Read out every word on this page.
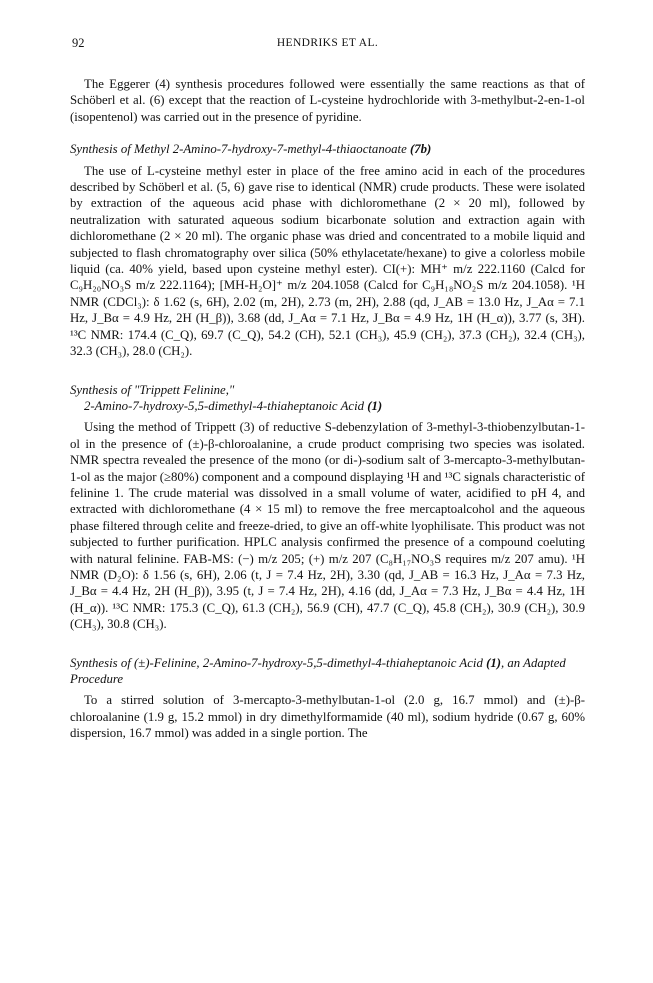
92	HENDRIKS ET AL.

The Eggerer (4) synthesis procedures followed were essentially the same reactions as that of Schöberl et al. (6) except that the reaction of L-cysteine hydrochloride with 3-methylbut-2-en-1-ol (isopentenol) was carried out in the presence of pyridine.

Synthesis of Methyl 2-Amino-7-hydroxy-7-methyl-4-thiaoctanoate (7b)

The use of L-cysteine methyl ester in place of the free amino acid in each of the procedures described by Schöberl et al. (5, 6) gave rise to identical (NMR) crude products. These were isolated by extraction of the aqueous acid phase with dichloromethane (2 × 20 ml), followed by neutralization with saturated aqueous sodium bicarbonate solution and extraction again with dichloromethane (2 × 20 ml). The organic phase was dried and concentrated to a mobile liquid and subjected to flash chromatography over silica (50% ethylacetate/hexane) to give a colorless mobile liquid (ca. 40% yield, based upon cysteine methyl ester). CI(+): MH⁺ m/z 222.1160 (Calcd for C₉H₂₀NO₃S m/z 222.1164); [MH-H₂O]⁺ m/z 204.1058 (Calcd for C₉H₁₈NO₂S m/z 204.1058). ¹H NMR (CDCl₃): δ 1.62 (s, 6H), 2.02 (m, 2H), 2.73 (m, 2H), 2.88 (qd, J_AB = 13.0 Hz, J_Aα = 7.1 Hz, J_Bα = 4.9 Hz, 2H (H_β)), 3.68 (dd, J_Aα = 7.1 Hz, J_Bα = 4.9 Hz, 1H (H_α)), 3.77 (s, 3H). ¹³C NMR: 174.4 (C_Q), 69.7 (C_Q), 54.2 (CH), 52.1 (CH₃), 45.9 (CH₂), 37.3 (CH₂), 32.4 (CH₃), 32.3 (CH₃), 28.0 (CH₂).

Synthesis of "Trippett Felinine,"
2-Amino-7-hydroxy-5,5-dimethyl-4-thiaheptanoic Acid (1)

Using the method of Trippett (3) of reductive S-debenzylation of 3-methyl-3-thiobenzylbutan-1-ol in the presence of (±)-β-chloroalanine, a crude product comprising two species was isolated. NMR spectra revealed the presence of the mono (or di-)-sodium salt of 3-mercapto-3-methylbutan-1-ol as the major (≥80%) component and a compound displaying ¹H and ¹³C signals characteristic of felinine 1. The crude material was dissolved in a small volume of water, acidified to pH 4, and extracted with dichloromethane (4 × 15 ml) to remove the free mercaptoalcohol and the aqueous phase filtered through celite and freeze-dried, to give an off-white lyophilisate. This product was not subjected to further purification. HPLC analysis confirmed the presence of a compound coeluting with natural felinine. FAB-MS: (−) m/z 205; (+) m/z 207 (C₈H₁₇NO₃S requires m/z 207 amu). ¹H NMR (D₂O): δ 1.56 (s, 6H), 2.06 (t, J = 7.4 Hz, 2H), 3.30 (qd, J_AB = 16.3 Hz, J_Aα = 7.3 Hz, J_Bα = 4.4 Hz, 2H (H_β)), 3.95 (t, J = 7.4 Hz, 2H), 4.16 (dd, J_Aα = 7.3 Hz, J_Bα = 4.4 Hz, 1H (H_α)). ¹³C NMR: 175.3 (C_Q), 61.3 (CH₂), 56.9 (CH), 47.7 (C_Q), 45.8 (CH₂), 30.9 (CH₂), 30.9 (CH₃), 30.8 (CH₃).

Synthesis of (±)-Felinine, 2-Amino-7-hydroxy-5,5-dimethyl-4-thiaheptanoic Acid (1), an Adapted Procedure

To a stirred solution of 3-mercapto-3-methylbutan-1-ol (2.0 g, 16.7 mmol) and (±)-β-chloroalanine (1.9 g, 15.2 mmol) in dry dimethylformamide (40 ml), sodium hydride (0.67 g, 60% dispersion, 16.7 mmol) was added in a single portion. The
